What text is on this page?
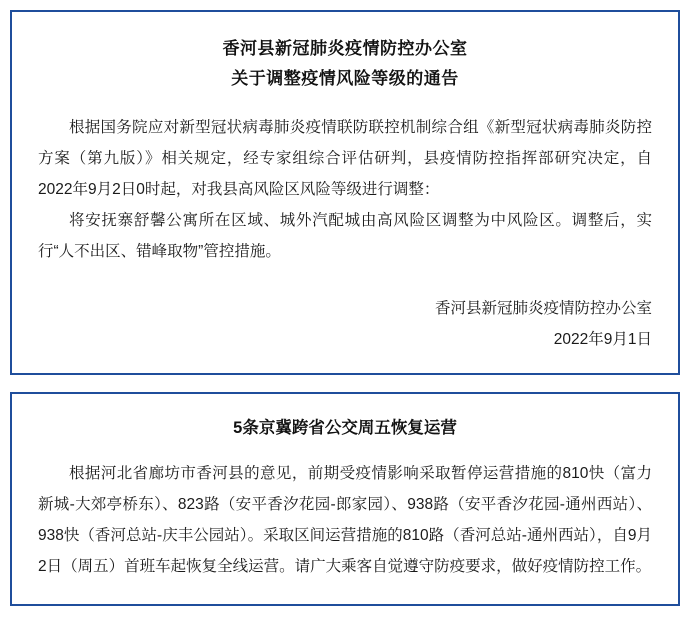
香河县新冠肺炎疫情防控办公室
关于调整疫情风险等级的通告

根据国务院应对新型冠状病毒肺炎疫情联防联控机制综合组《新型冠状病毒肺炎防控方案（第九版）》相关规定，经专家组综合评估研判，县疫情防控指挥部研究决定，自2022年9月2日0时起，对我县高风险区风险等级进行调整：

将安抚寨舒馨公寓所在区域、城外汽配城由高风险区调整为中风险区。调整后，实行“人不出区、错峰取物”管控措施。

香河县新冠肺炎疫情防控办公室
2022年9月1日
5条京冀跨省公交周五恢复运营

根据河北省廊坊市香河县的意见，前期受疫情影响采取暂停运营措施的810快（富力新城-大郊亭桥东）、823路（安平香汐花园-郎家园）、938路（安平香汐花园-通州西站）、938快（香河总站-庆丰公园站）。采取区间运营措施的810路（香河总站-通州西站），自9月2日（周五）首班车起恢复全线运营。请广大乘客自觉遵守防疫要求，做好疫情防控工作。
